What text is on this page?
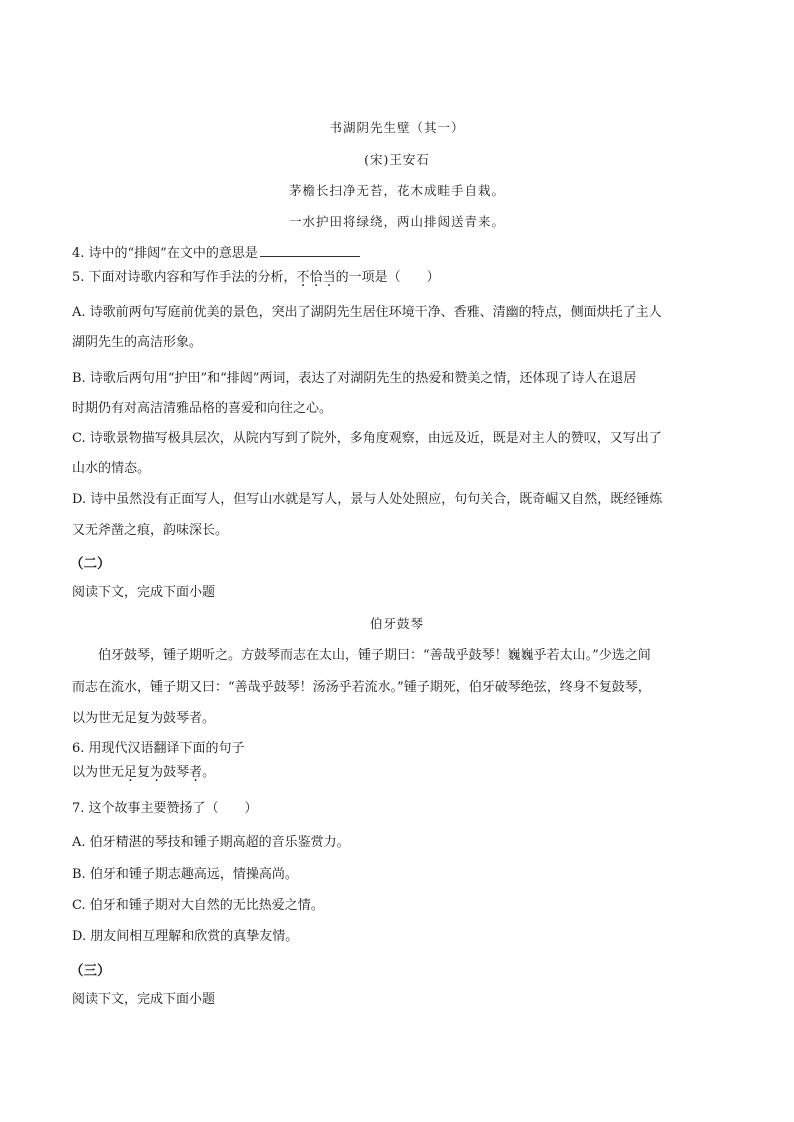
书湖阴先生壁（其一）
(宋)王安石
茅檐长扫净无苔，花木成畦手自栽。
一水护田将绿绕，两山排闼送青来。
4. 诗中的“排闼”在文中的意思是
5. 下面对诗歌内容和写作手法的分析，不恰当的一项是（　　）
A. 诗歌前两句写庭前优美的景色，突出了湖阴先生居住环境干净、香雅、清幽的特点，侧面烘托了主人
湖阴先生的高洁形象。
B. 诗歌后两句用“护田”和“排闼”两词，表达了对湖阴先生的热爱和赞美之情，还体现了诗人在退居
时期仍有对高洁清雅品格的喜爱和向往之心。
C. 诗歌景物描写极具层次，从院内写到了院外，多角度观察，由远及近，既是对主人的赞叹，又写出了
山水的情态。
D. 诗中虽然没有正面写人，但写山水就是写人，景与人处处照应，句句关合，既奇崛又自然，既经锤炼
又无斧凿之痕，韵味深长。
（二）
阅读下文，完成下面小题
伯牙鼓琴
　　伯牙鼓琴，锺子期听之。方鼓琴而志在太山，锺子期曰：“善哉乎鼓琴！巍巍乎若太山。”少选之间
而志在流水，锺子期又曰：“善哉乎鼓琴！汤汤乎若流水。”锺子期死，伯牙破琴绝弦，终身不复鼓琴，
以为世无足复为鼓琴者。
6. 用现代汉语翻译下面的句子
以为世无足复为鼓琴者。
7. 这个故事主要赞扬了（　　）
A. 伯牙精湛的琴技和锺子期高超的音乐鉴赏力。
B. 伯牙和锺子期志趣高远，情操高尚。
C. 伯牙和锺子期对大自然的无比热爱之情。
D. 朋友间相互理解和欣赏的真挚友情。
（三）
阅读下文，完成下面小题
